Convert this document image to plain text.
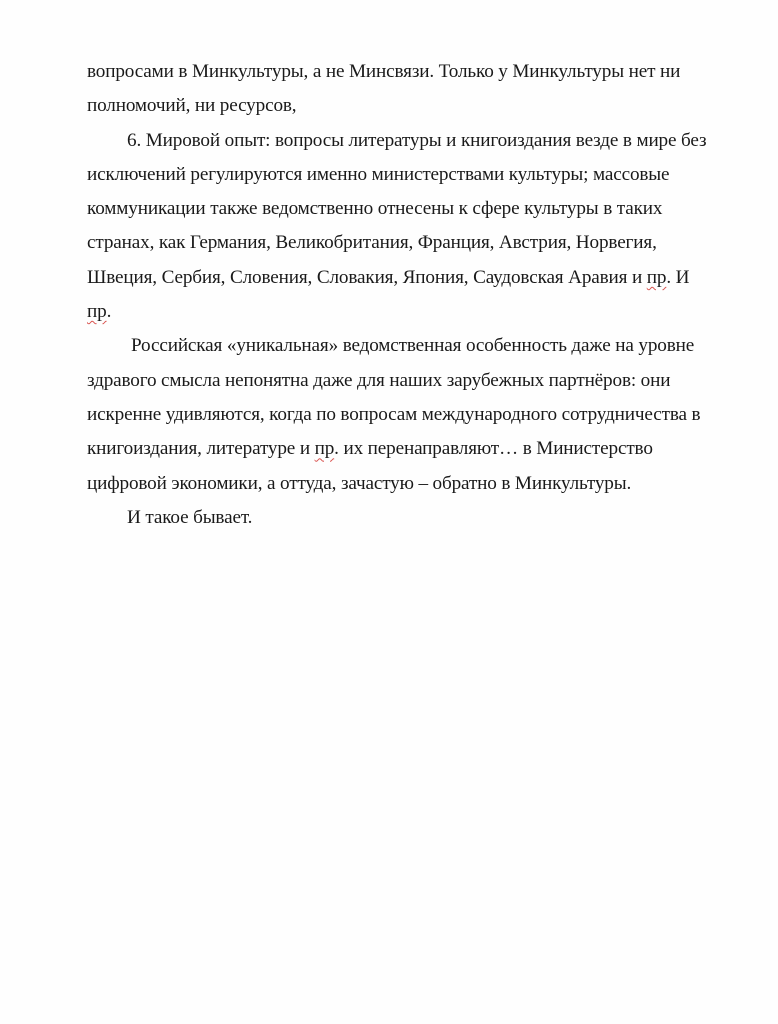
вопросами в Минкультуры, а не Минсвязи. Только у Минкультуры нет ни
полномочий, ни ресурсов,
6. Мировой опыт: вопросы литературы и книгоиздания везде в мире без
исключений регулируются именно министерствами культуры; массовые
коммуникации также ведомственно отнесены к сфере культуры в таких
странах, как Германия, Великобритания, Франция, Австрия, Норвегия,
Швеция, Сербия, Словения, Словакия, Япония, Саудовская Аравия и пр. И
пр.
Российская «уникальная» ведомственная особенность даже на уровне
здравого смысла непонятна даже для наших зарубежных партнёров: они
искренне удивляются, когда по вопросам международного сотрудничества в
книгоиздания, литературе и пр. их перенаправляют… в Министерство
цифровой экономики, а оттуда, зачастую – обратно в Минкультуры.
И такое бывает.
